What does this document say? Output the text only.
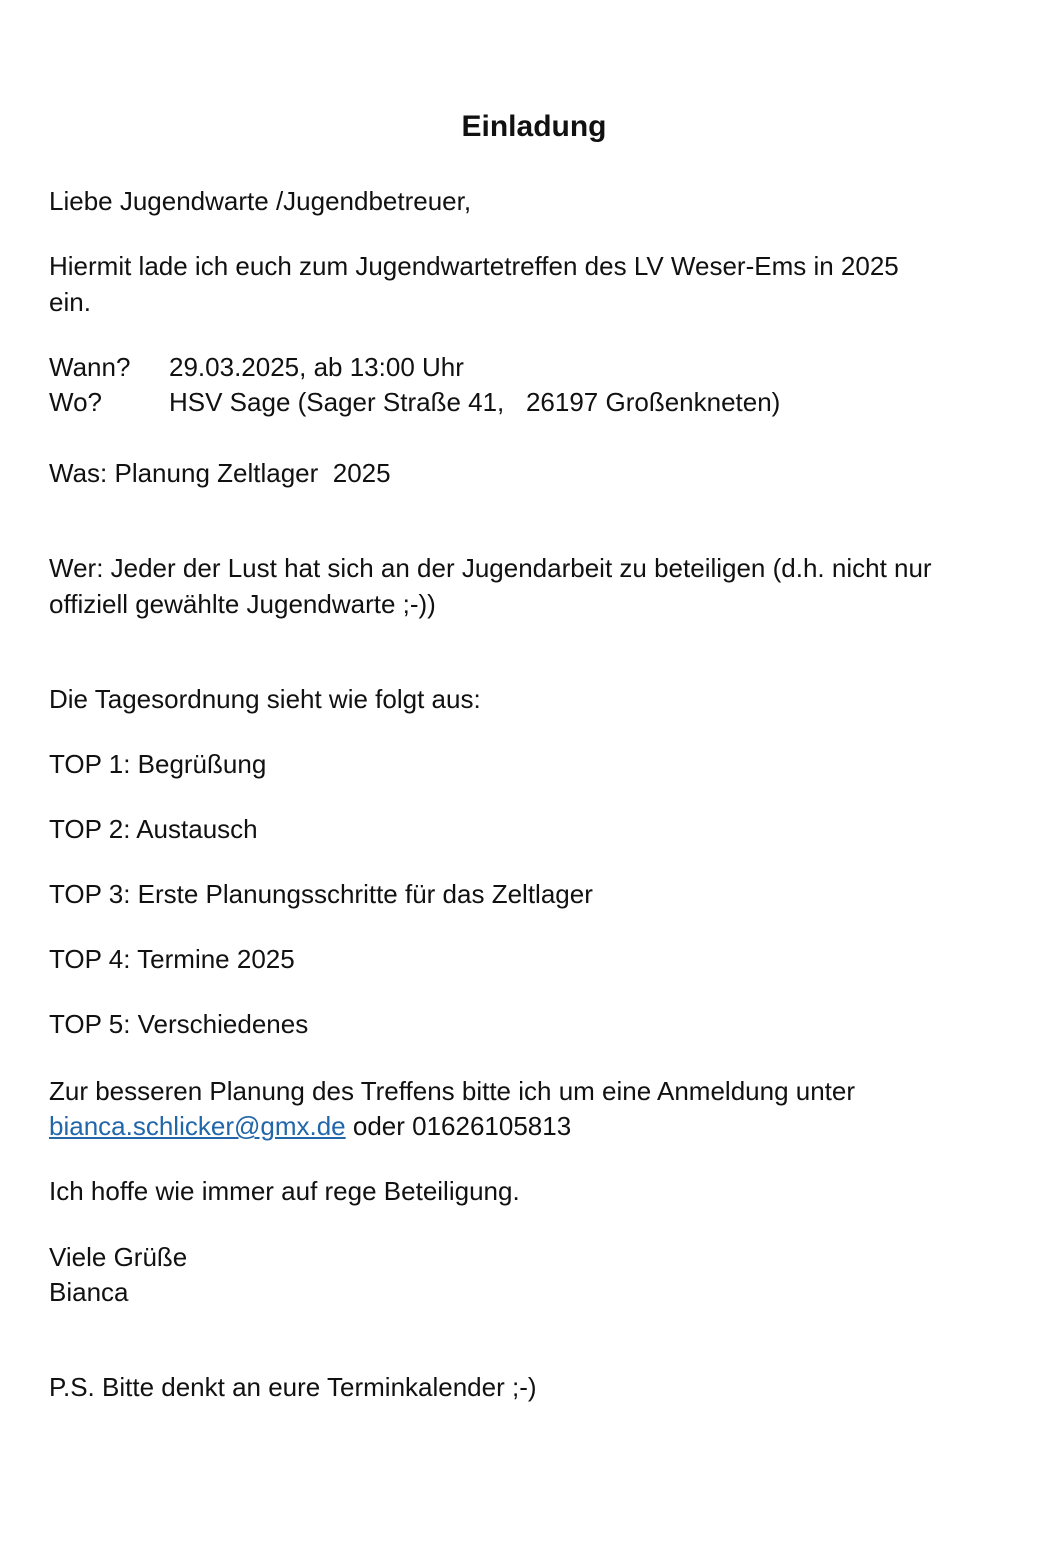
Einladung
Liebe Jugendwarte /Jugendbetreuer,
Hiermit lade ich euch zum Jugendwartetreffen des LV Weser-Ems in 2025
ein.
Wann? 29.03.2025, ab 13:00 Uhr
Wo?	HSV Sage (Sager Straße 41,   26197 Großenkneten)
Was: Planung Zeltlager  2025
Wer: Jeder der Lust hat sich an der Jugendarbeit zu beteiligen (d.h. nicht nur
offiziell gewählte Jugendwarte ;-))
Die Tagesordnung sieht wie folgt aus:
TOP 1: Begrüßung
TOP 2: Austausch
TOP 3: Erste Planungsschritte für das Zeltlager
TOP 4: Termine 2025
TOP 5: Verschiedenes
Zur besseren Planung des Treffens bitte ich um eine Anmeldung unter
bianca.schlicker@gmx.de oder 01626105813
Ich hoffe wie immer auf rege Beteiligung.
Viele Grüße
Bianca
P.S. Bitte denkt an eure Terminkalender ;-)
